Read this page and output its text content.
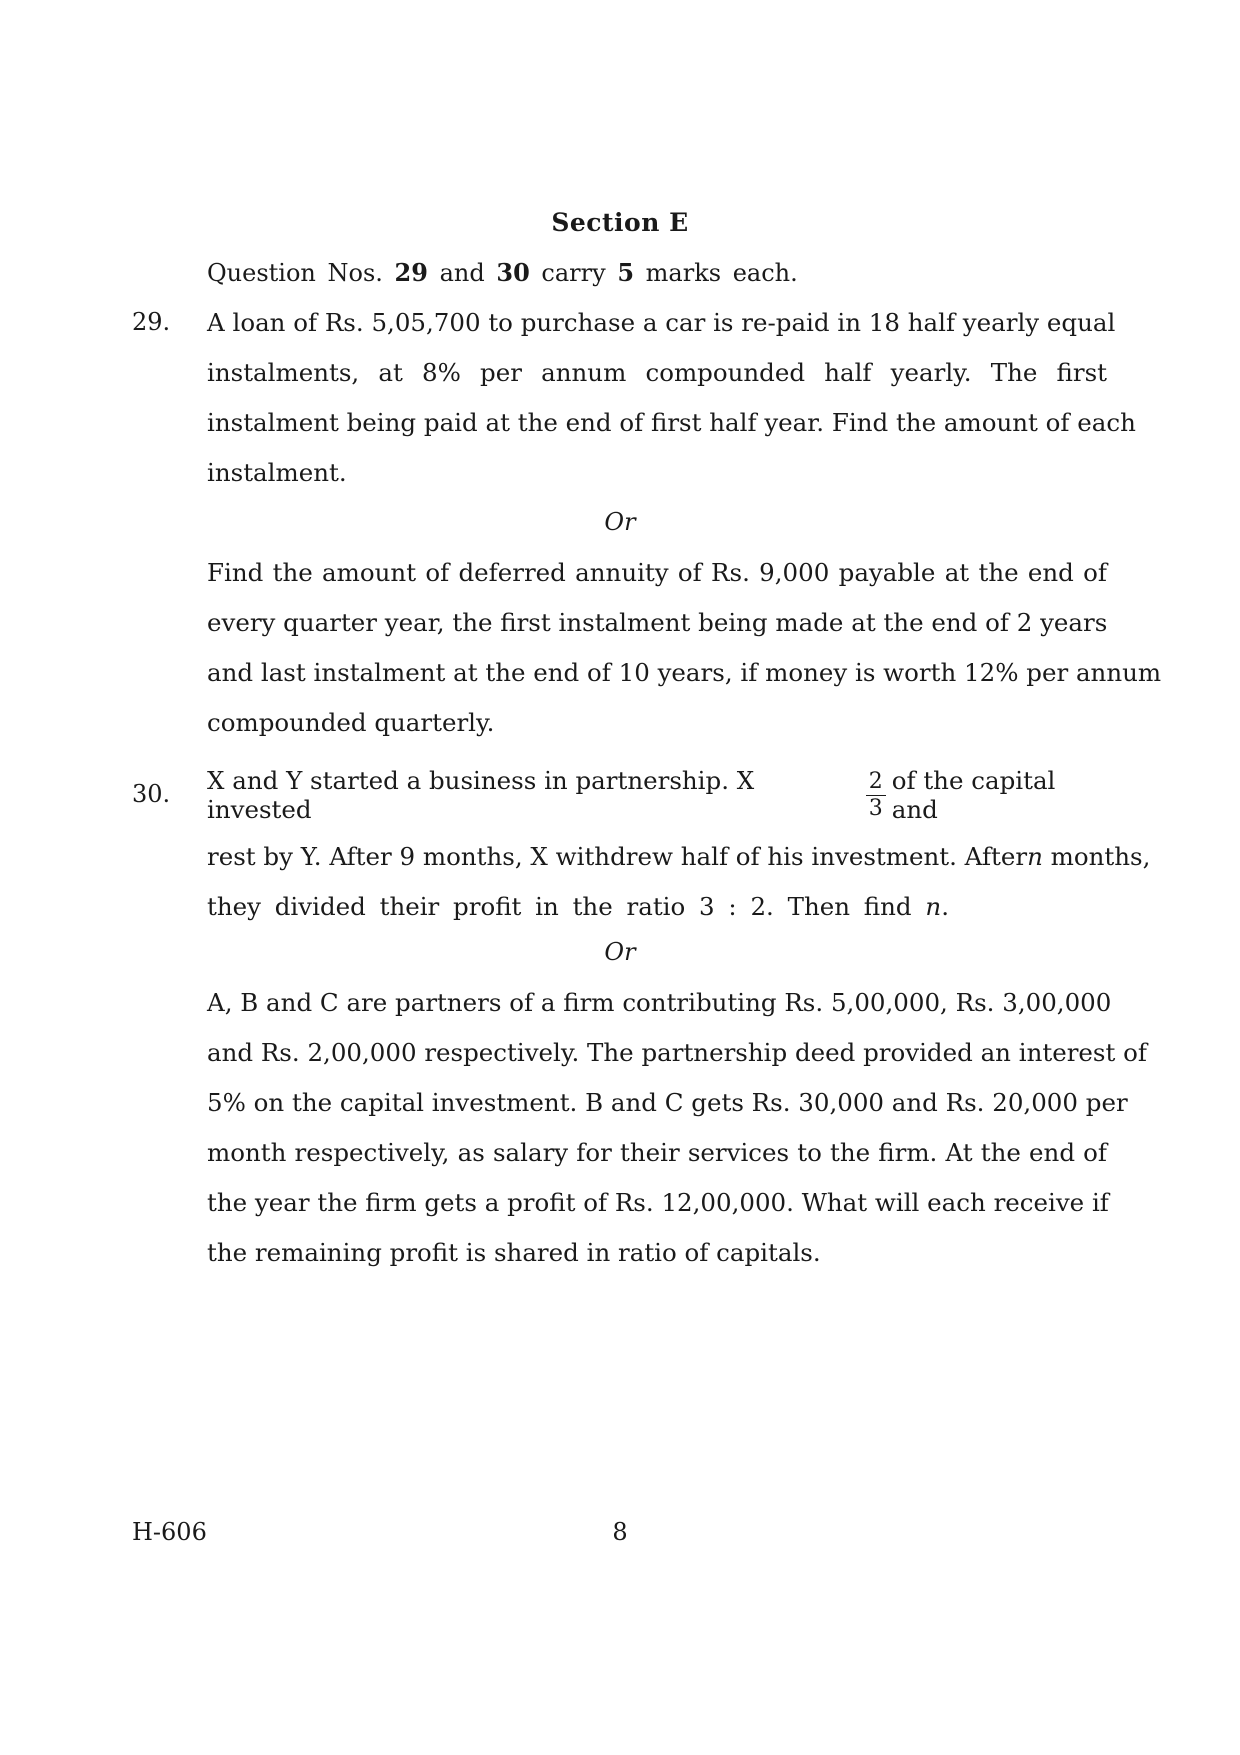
Section E
Question Nos. 29 and 30 carry 5 marks each.
29. A loan of Rs. 5,05,700 to purchase a car is re-paid in 18 half yearly equal
instalments, at 8% per annum compounded half yearly. The first
instalment being paid at the end of first half year. Find the amount of each
instalment.
Or
Find the amount of deferred annuity of Rs. 9,000 payable at the end of
every quarter year, the first instalment being made at the end of 2 years
and last instalment at the end of 10 years, if money is worth 12% per annum
compounded quarterly.
30. X and Y started a business in partnership. X invested	$\frac{2}{3}$ of the capital and
rest by Y. After 9 months, X withdrew half of his investment. After n months,
they divided their profit in the ratio 3 : 2. Then find n.
Or
A, B and C are partners of a firm contributing Rs. 5,00,000, Rs. 3,00,000
and Rs. 2,00,000 respectively. The partnership deed provided an interest of
5% on the capital investment. B and C gets Rs. 30,000 and Rs. 20,000 per
month respectively, as salary for their services to the firm. At the end of
the year the firm gets a profit of Rs. 12,00,000. What will each receive if
the remaining profit is shared in ratio of capitals.
H-606	8
